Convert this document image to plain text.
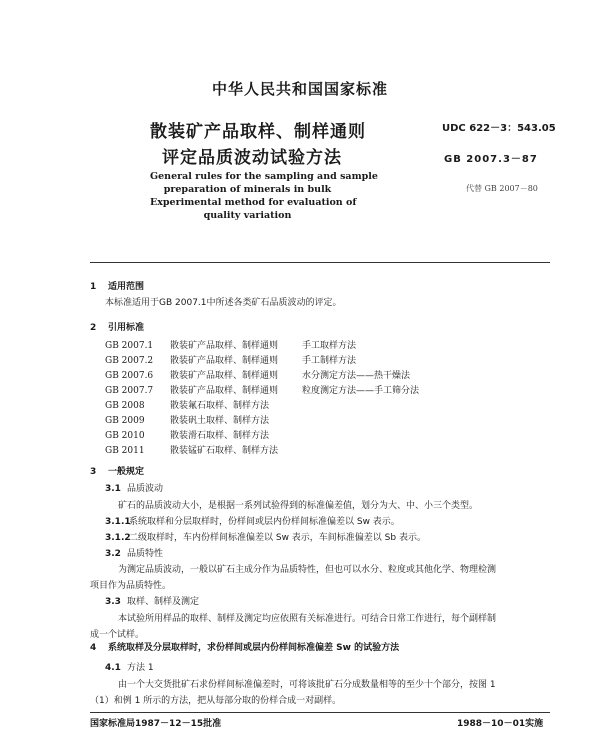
中华人民共和国国家标准
散装矿产品取样、制样通则
评定品质波动试验方法
UDC 622－3：543.05
GB 2007.3－87
代替 GB 2007－80
General rules for the sampling and sample
preparation of minerals in bulk
Experimental method for evaluation of
quality variation
1 适用范围
本标准适用于GB 2007.1中所述各类矿石品质波动的评定。
2 引用标准
GB 2007.1 散装矿产品取样、制样通则	手工取样方法
GB 2007.2 散装矿产品取样、制样通则	手工制样方法
GB 2007.6 散装矿产品取样、制样通则	水分测定方法——热干燥法
GB 2007.7 散装矿产品取样、制样通则	粒度测定方法——手工筛分法
GB 2008	散装氟石取样、制样方法
GB 2009	散装矾土取样、制样方法
GB 2010	散装滑石取样、制样方法
GB 2011	散装锰矿石取样、制样方法
3 一般规定
3.1 品质波动
矿石的品质波动大小，是根据一系列试验得到的标准偏差值，划分为大、中、小三个类型。
3.1.1系统取样和分层取样时，份样间或层内份样间标准偏差以 Sw 表示。
3.1.2二级取样时，车内份样间标准偏差以 Sw 表示，车间标准偏差以 Sb 表示。
3.2 品质特性
为测定品质波动，一般以矿石主成分作为品质特性，但也可以水分、粒度或其他化学、物理检测
项目作为品质特性。
3.3 取样、制样及测定
本试验所用样品的取样、制样及测定均应依照有关标准进行。可结合日常工作进行，每个副样制
成一个试样。
4 系统取样及分层取样时，求份样间或层内份样间标准偏差 Sw 的试验方法
4.1 方法 1
由一个大交货批矿石求份样间标准偏差时，可将该批矿石分成数量相等的至少十个部分，按图 1
（1）和例 1 所示的方法，把从每部分取的份样合成一对副样。
国家标准局1987－12－15批准	1988－10－01实施
